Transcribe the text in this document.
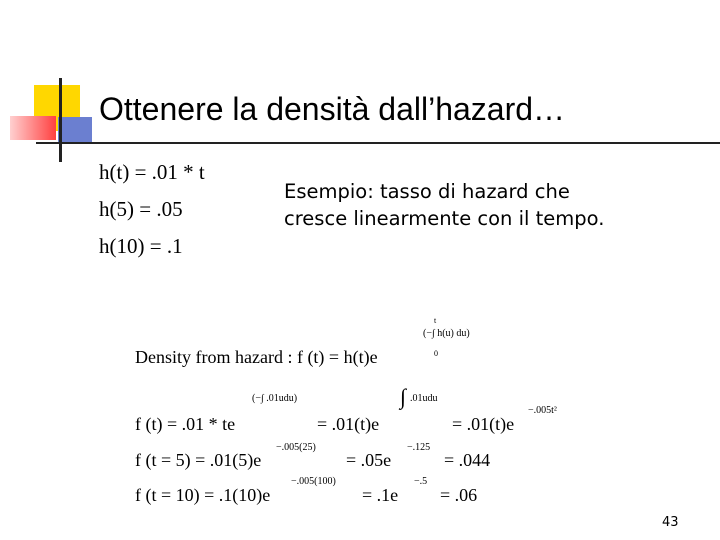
Ottenere la densità dall’hazard…
h(t) = .01 * t
h(5) = .05
h(10) = .1
Esempio: tasso di hazard che cresce linearmente con il tempo.
Density from hazard : f (t) = h(t)e
(−∫ h(u) du)
t
0
f (t) = .01 * te
(−∫ .01udu)
= .01(t)e
∫ .01udu
= .01(t)e
−.005t²
f (t = 5) = .01(5)e
−.005(25)
= .05e
−.125
= .044
f (t = 10) = .1(10)e
−.005(100)
= .1e
−.5
= .06
43
